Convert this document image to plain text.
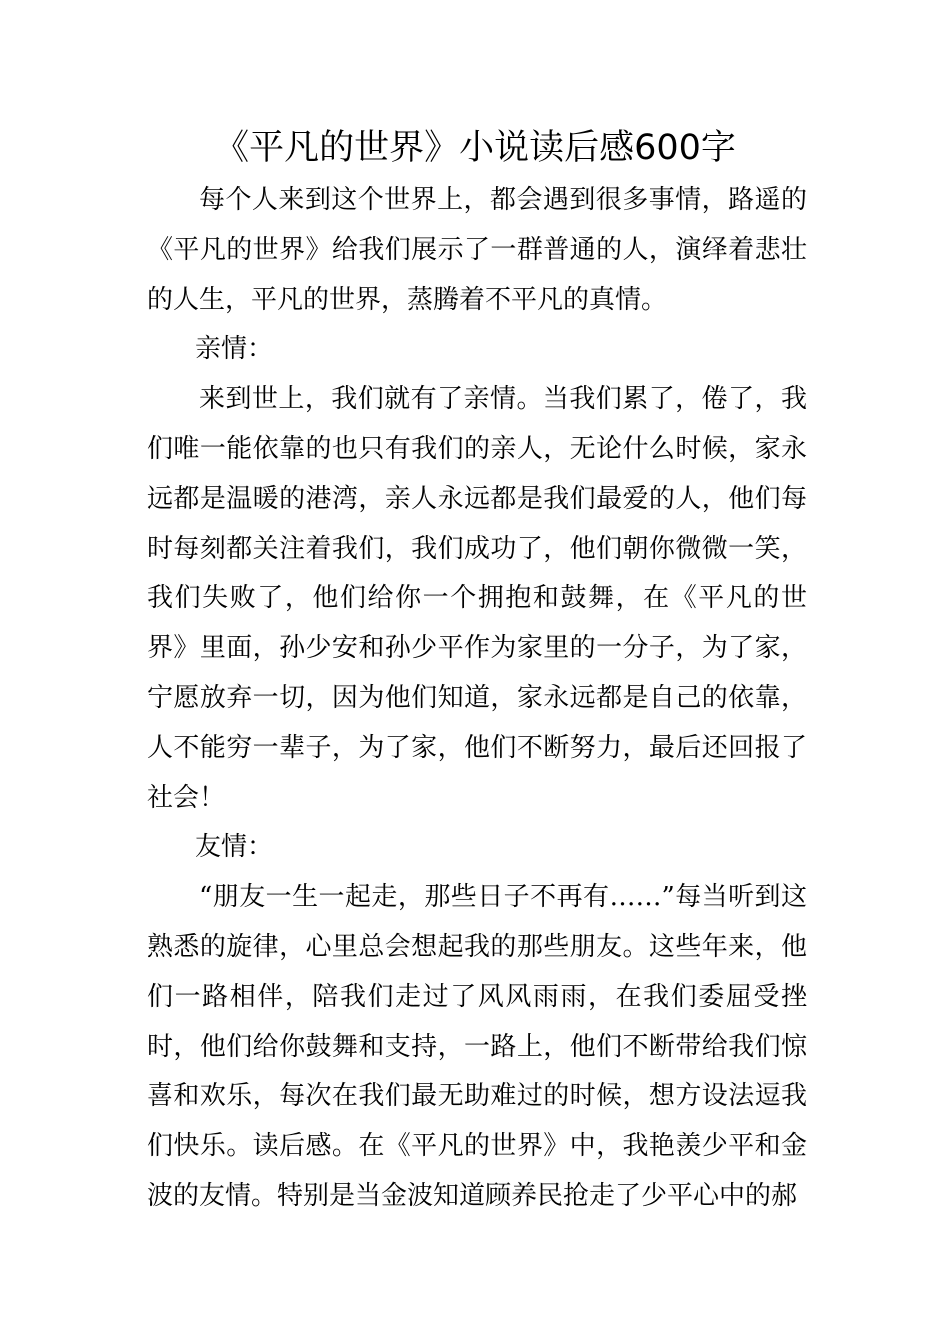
《平凡的世界》小说读后感600字

每个人来到这个世界上，都会遇到很多事情，路遥的《平凡的世界》给我们展示了一群普通的人，演绎着悲壮的人生，平凡的世界，蒸腾着不平凡的真情。

亲情：

来到世上，我们就有了亲情。当我们累了，倦了，我们唯一能依靠的也只有我们的亲人，无论什么时候，家永远都是温暖的港湾，亲人永远都是我们最爱的人，他们每时每刻都关注着我们，我们成功了，他们朝你微微一笑，我们失败了，他们给你一个拥抱和鼓舞，在《平凡的世界》里面，孙少安和孙少平作为家里的一分子，为了家，宁愿放弃一切，因为他们知道，家永远都是自己的依靠，人不能穷一辈子，为了家，他们不断努力，最后还回报了社会！

友情：

“朋友一生一起走，那些日子不再有……”每当听到这熟悉的旋律，心里总会想起我的那些朋友。这些年来，他们一路相伴，陪我们走过了风风雨雨，在我们委屈受挫时，他们给你鼓舞和支持，一路上，他们不断带给我们惊喜和欢乐，每次在我们最无助难过的时候，想方设法逗我们快乐。读后感。在《平凡的世界》中，我艳羡少平和金波的友情。特别是当金波知道顾养民抢走了少平心中的郝
